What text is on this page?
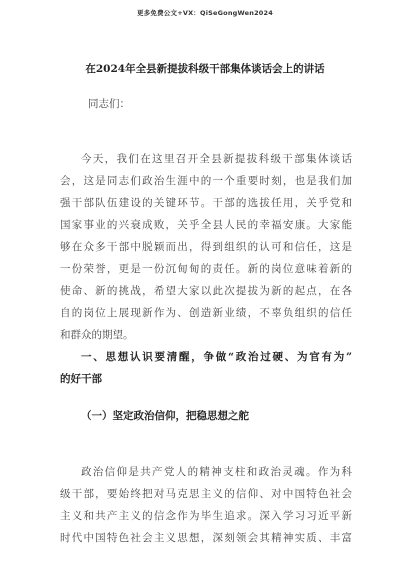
更多免费公文+VX：QiSeGongWen2024
在2024年全县新提拔科级干部集体谈话会上的讲话
同志们：
今天，我们在这里召开全县新提拔科级干部集体谈话
会，这是同志们政治生涯中的一个重要时刻，也是我们加
强干部队伍建设的关键环节。干部的选拔任用，关乎党和
国家事业的兴衰成败，关乎全县人民的幸福安康。大家能
够在众多干部中脱颖而出，得到组织的认可和信任，这是
一份荣誉，更是一份沉甸甸的责任。新的岗位意味着新的
使命、新的挑战，希望大家以此次提拔为新的起点，在各
自的岗位上展现新作为、创造新业绩，不辜负组织的信任
和群众的期望。
一、思想认识要清醒，争做“政治过硬、为官有为”
的好干部
（一）坚定政治信仰，把稳思想之舵
政治信仰是共产党人的精神支柱和政治灵魂。作为科
级干部，要始终把对马克思主义的信仰、对中国特色社会
主义和共产主义的信念作为毕生追求。深入学习习近平新
时代中国特色社会主义思想，深刻领会其精神实质、丰富
